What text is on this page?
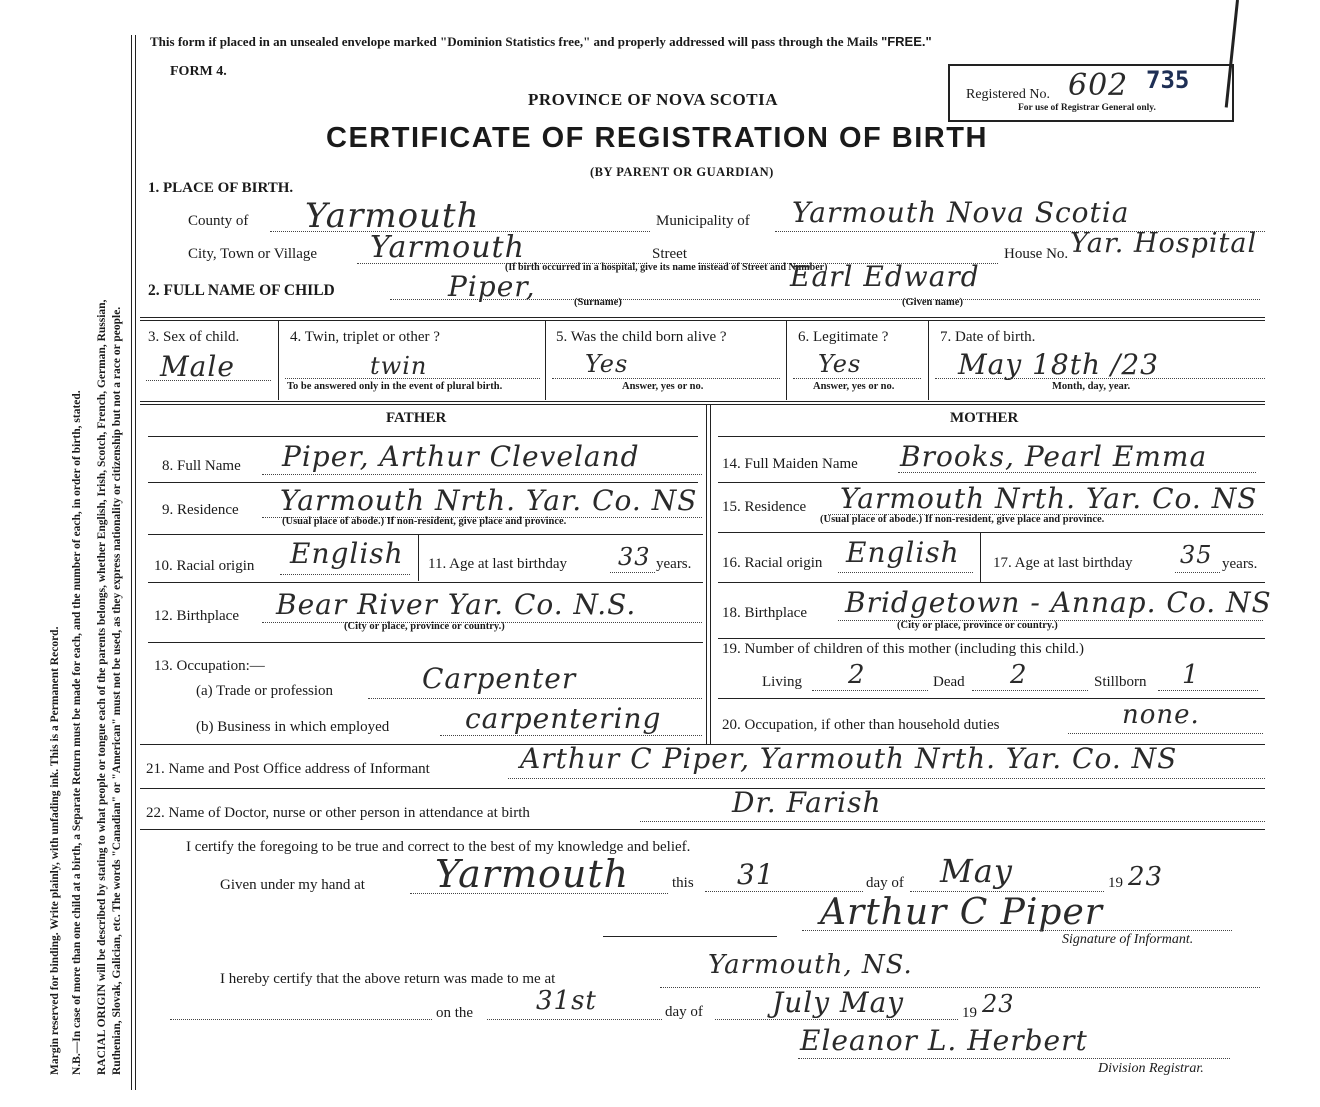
Margin reserved for binding. Write plainly, with unfading ink. This is a Permanent Record. N.B.—In case of more than one child at a birth, a Separate Return must be made for each, and the number of each, in order of birth, stated. RACIAL ORIGIN will be described by stating to what people or tongue each of the parents belongs, whether English, Irish, Scotch, French, German, Russian, Ruthenian, Slovak, Galician, etc. The words "Canadian" or "American" must not be used, as they express nationality or citizenship but not a race or people.
This form if placed in an unsealed envelope marked "Dominion Statistics free," and properly addressed will pass through the Mails "FREE."
FORM 4.
PROVINCE OF NOVA SCOTIA
CERTIFICATE OF REGISTRATION OF BIRTH
(BY PARENT OR GUARDIAN)
Registered No. 602 735
For use of Registrar General only.
1. PLACE OF BIRTH.
County of Yarmouth	Municipality of Yarmouth Nova Scotia
City, Town or Village Yarmouth	Street	House No. Yar. Hospital
(If birth occurred in a hospital, give its name instead of Street and Number)
2. FULL NAME OF CHILD	Piper,	Earl Edward
(Surname)	(Given name)
3. Sex of child.
Male
4. Twin, triplet or other ?
twin
To be answered only in the event of plural birth.
5. Was the child born alive ?
Yes
Answer, yes or no.
6. Legitimate ?
Yes
Answer, yes or no.
7. Date of birth.
May 18th /23
Month, day, year.
FATHER
8. Full Name Piper, Arthur Cleveland
9. Residence Yarmouth Nrth. Yar. Co. NS
(Usual place of abode.) If non-resident, give place and province.
10. Racial origin English 11. Age at last birthday 33 years.
12. Birthplace Bear River Yar. Co. N.S.
(City or place, province or country.)
13. Occupation:—
(a) Trade or profession	Carpenter
(b) Business in which employed	carpentering
MOTHER
14. Full Maiden Name Brooks, Pearl Emma
15. Residence Yarmouth Nrth. Yar. Co. NS
(Usual place of abode.) If non-resident, give place and province.
16. Racial origin English 17. Age at last birthday 35 years.
18. Birthplace Bridgetown - Annap. Co. NS
(City or place, province or country.)
19. Number of children of this mother (including this child.)
Living 2	Dead 2	Stillborn 1
20. Occupation, if other than household duties	none.
21. Name and Post Office address of Informant	Arthur C Piper, Yarmouth Nrth. Yar. Co. NS
22. Name of Doctor, nurse or other person in attendance at birth	Dr. Farish
I certify the foregoing to be true and correct to the best of my knowledge and belief.
Given under my hand at Yarmouth	this 31	day of May	19 23
Arthur C Piper
Signature of Informant.
I hereby certify that the above return was made to me at	Yarmouth, NS.
on the 31st	day of July May	19 23
Eleanor L. Herbert
Division Registrar.
